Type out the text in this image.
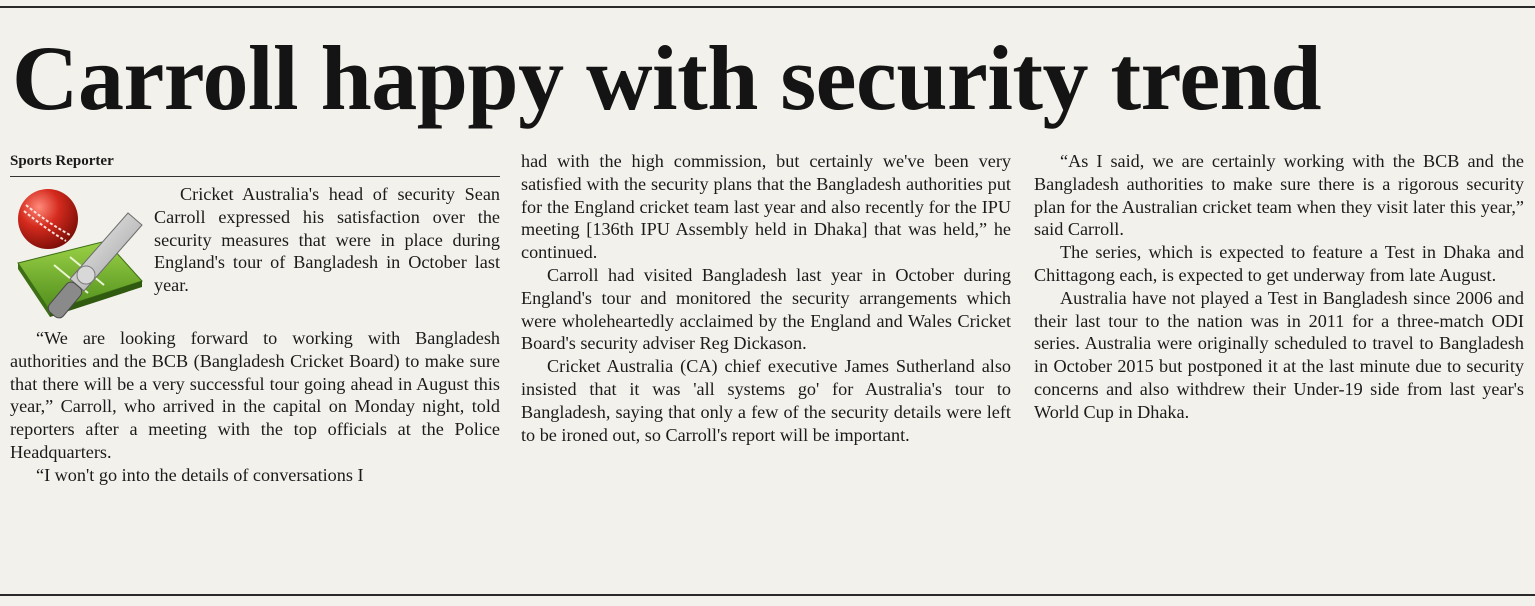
Carroll happy with security trend
Sports Reporter

Cricket Australia's head of security Sean Carroll expressed his satisfaction over the security measures that were in place during England's tour of Bangladesh in October last year.

“We are looking forward to working with Bangladesh authorities and the BCB (Bangladesh Cricket Board) to make sure that there will be a very successful tour going ahead in August this year,” Carroll, who arrived in the capital on Monday night, told reporters after a meeting with the top officials at the Police Headquarters.

“I won't go into the details of conversations I

had with the high commission, but certainly we've been very satisfied with the security plans that the Bangladesh authorities put for the England cricket team last year and also recently for the IPU meeting [136th IPU Assembly held in Dhaka] that was held,” he continued.

Carroll had visited Bangladesh last year in October during England's tour and monitored the security arrangements which were wholeheartedly acclaimed by the England and Wales Cricket Board's security adviser Reg Dickason.

Cricket Australia (CA) chief executive James Sutherland also insisted that it was 'all systems go' for Australia's tour to Bangladesh, saying that only a few of the security details were left to be ironed out, so Carroll's report will be important.

“As I said, we are certainly working with the BCB and the Bangladesh authorities to make sure there is a rigorous security plan for the Australian cricket team when they visit later this year,” said Carroll.

The series, which is expected to feature a Test in Dhaka and Chittagong each, is expected to get underway from late August.

Australia have not played a Test in Bangladesh since 2006 and their last tour to the nation was in 2011 for a three-match ODI series. Australia were originally scheduled to travel to Bangladesh in October 2015 but postponed it at the last minute due to security concerns and also withdrew their Under-19 side from last year's World Cup in Dhaka.
